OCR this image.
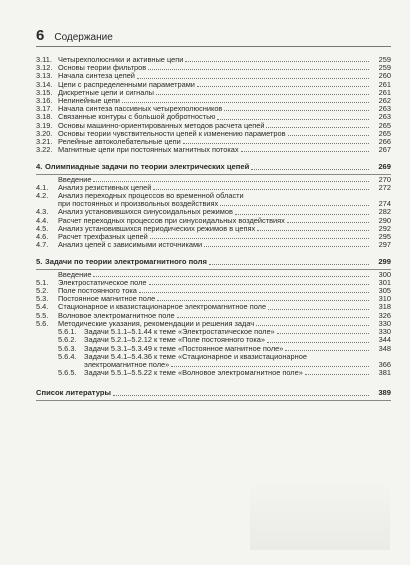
6 Содержание
3.11. Четырехполюсники и активные цепи	259
3.12. Основы теории фильтров	259
3.13. Начала синтеза цепей	260
3.14. Цепи с распределенными параметрами	261
3.15. Дискретные цепи и сигналы	261
3.16. Нелинейные цепи	262
3.17. Начала синтеза пассивных четырехполюсников	263
3.18. Связанные контуры с большой добротностью	263
3.19. Основы машинно-ориентированных методов расчета цепей	265
3.20. Основы теории чувствительности цепей к изменению параметров	265
3.21. Релейные автоколебательные цепи	266
3.22. Магнитные цепи при постоянных магнитных потоках	267
4. Олимпиадные задачи по теории электрических цепей	269
Введение	270
4.1.	Анализ резистивных цепей	272
4.2.	Анализ переходных процессов во временной области
при постоянных и произвольных воздействиях	274
4.3.	Анализ установившихся синусоидальных режимов	282
4.4.	Расчет переходных процессов при синусоидальных воздействиях	290
4.5.	Анализ установившихся периодических режимов в цепях	292
4.6.	Расчет трехфазных цепей	295
4.7.	Анализ цепей с зависимыми источниками	297
5. Задачи по теории электромагнитного поля	299
Введение	300
5.1.	Электростатическое поле	301
5.2.	Поле постоянного тока	305
5.3.	Постоянное магнитное поле	310
5.4.	Стационарное и квазистационарное электромагнитное поле	318
5.5.	Волновое электромагнитное поле	326
5.6.	Методические указания, рекомендации и решения задач	330
5.6.1.	Задачи 5.1.1–5.1.44 к теме «Электростатическое поле»	330
5.6.2.	Задачи 5.2.1–5.2.12 к теме «Поле постоянного тока»	344
5.6.3.	Задачи 5.3.1–5.3.49 к теме «Постоянное магнитное поле»	348
5.6.4.	Задачи 5.4.1–5.4.36 к теме «Стационарное и квазистационарное
электромагнитное поле»	366
5.6.5.	Задачи 5.5.1–5.5.22 к теме «Волновое электромагнитное поле»	381
Список литературы	389
